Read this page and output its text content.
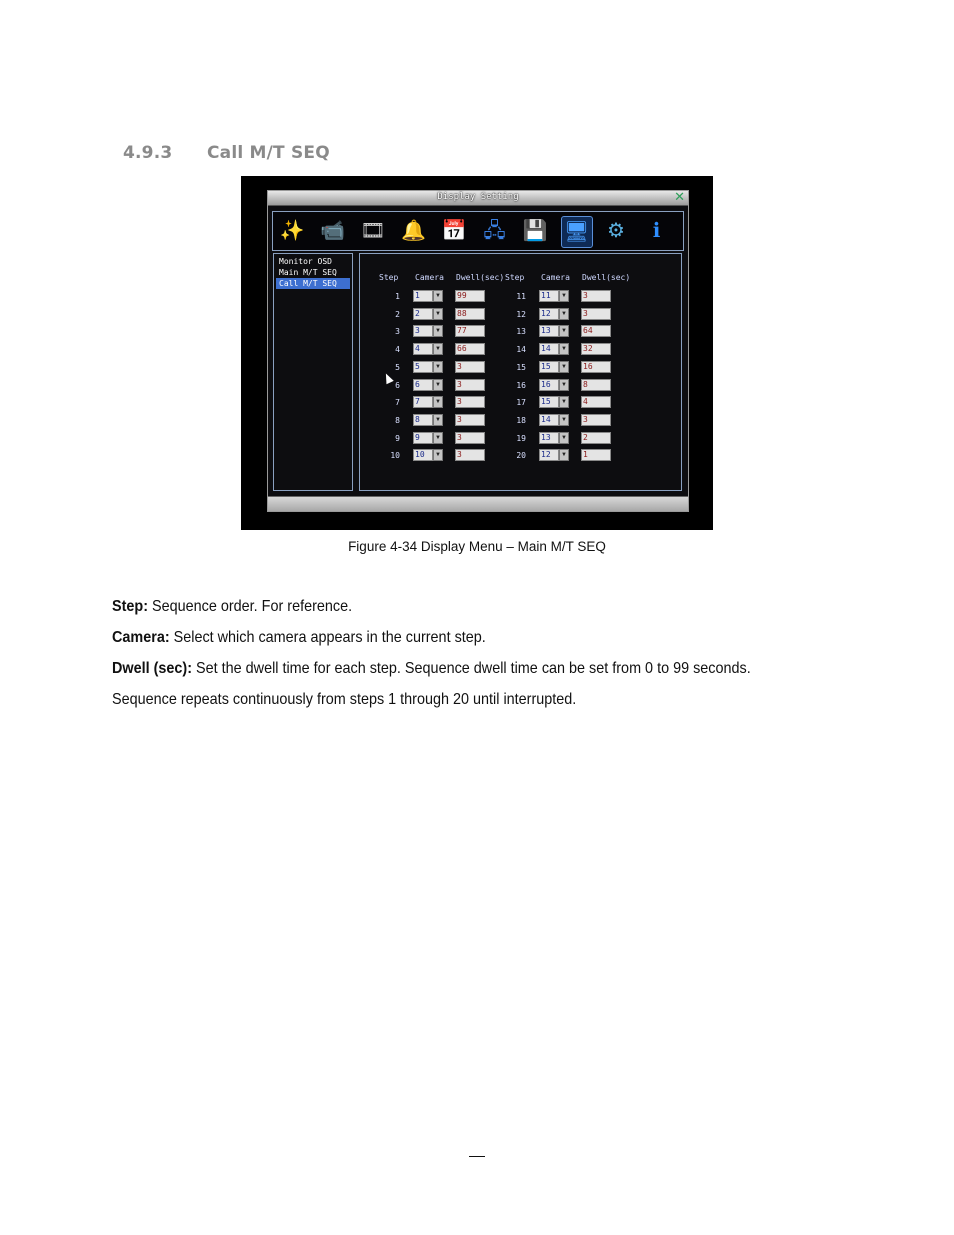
4.9.3 Call M/T SEQ
Display Setting	✕
✨ 📹 🎞 🔔 📅 🖧 💾 🖥 ⚙	ℹ
Monitor OSD
Main M/T SEQ
Call M/T SEQ
Step Camera Dwell(sec) Step Camera Dwell(sec)
1 1	▼ 99
2 2	▼ 88
3 3	▼ 77
4 4	▼ 66
5 5	▼ 3
6 6	▼ 3
7 7	▼ 3
8 8	▼ 3
9 9	▼ 3
10 10	▼ 3
11 11	▼ 3
12 12	▼ 3
13 13	▼ 64
14 14	▼ 32
15 15	▼ 16
16 16	▼ 8
17 15	▼ 4
18 14	▼ 3
19 13	▼ 2
20 12	▼ 1
Figure 4-34 Display Menu – Main M/T SEQ
Step: Sequence order. For reference.
Camera: Select which camera appears in the current step.
Dwell (sec): Set the dwell time for each step. Sequence dwell time can be set from 0 to 99 seconds.
Sequence repeats continuously from steps 1 through 20 until interrupted.
